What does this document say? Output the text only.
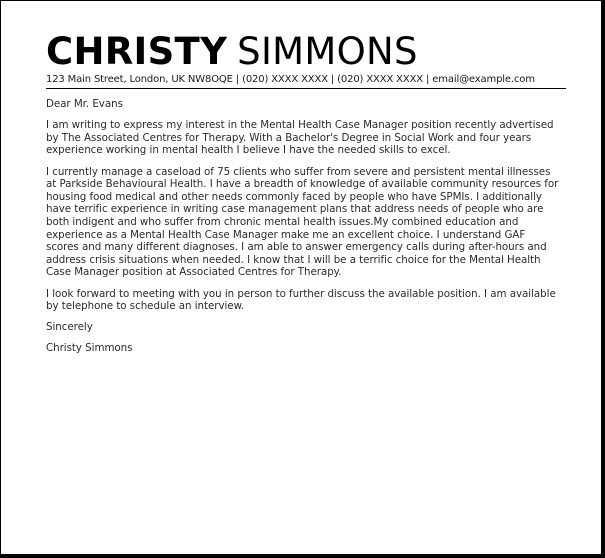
CHRISTY SIMMONS
123 Main Street, London, UK NW8OQE | (020) XXXX XXXX | (020) XXXX XXXX | email@example.com

Dear Mr. Evans

I am writing to express my interest in the Mental Health Case Manager position recently advertised by The Associated Centres for Therapy. With a Bachelor's Degree in Social Work and four years experience working in mental health I believe I have the needed skills to excel.

I currently manage a caseload of 75 clients who suffer from severe and persistent mental illnesses at Parkside Behavioural Health. I have a breadth of knowledge of available community resources for housing food medical and other needs commonly faced by people who have SPMIs. I additionally have terrific experience in writing case management plans that address needs of people who are both indigent and who suffer from chronic mental health issues.My combined education and experience as a Mental Health Case Manager make me an excellent choice. I understand GAF scores and many different diagnoses. I am able to answer emergency calls during after-hours and address crisis situations when needed. I know that I will be a terrific choice for the Mental Health Case Manager position at Associated Centres for Therapy.

I look forward to meeting with you in person to further discuss the available position. I am available by telephone to schedule an interview.

Sincerely

Christy Simmons
